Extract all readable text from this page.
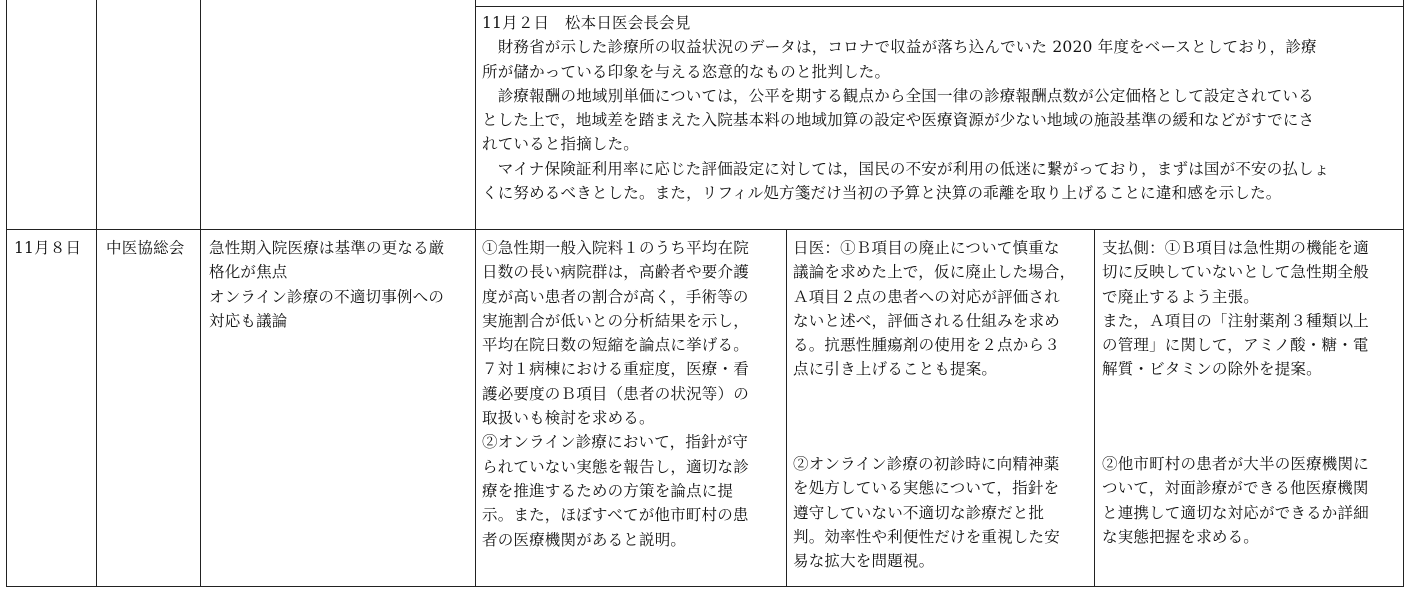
11月２日　松本日医会長会見
　財務省が示した診療所の収益状況のデータは，コロナで収益が落ち込んでいた 2020 年度をベースとしており，診療
所が儲かっている印象を与える恣意的なものと批判した。
　診療報酬の地域別単価については，公平を期する観点から全国一律の診療報酬点数が公定価格として設定されている
とした上で，地域差を踏まえた入院基本料の地域加算の設定や医療資源が少ない地域の施設基準の緩和などがすでにさ
れていると指摘した。
　マイナ保険証利用率に応じた評価設定に対しては，国民の不安が利用の低迷に繋がっており，まずは国が不安の払しょ
くに努めるべきとした。また，リフィル処方箋だけ当初の予算と決算の乖離を取り上げることに違和感を示した。
11月８日 中医協総会 急性期入院医療は基準の更なる厳
格化が焦点
オンライン診療の不適切事例への
対応も議論
①急性期一般入院料１のうち平均在院
日数の長い病院群は，高齢者や要介護
度が高い患者の割合が高く，手術等の
実施割合が低いとの分析結果を示し，
平均在院日数の短縮を論点に挙げる。
７対１病棟における重症度，医療・看
護必要度のＢ項目（患者の状況等）の
取扱いも検討を求める。
②オンライン診療において，指針が守
られていない実態を報告し，適切な診
療を推進するための方策を論点に提
示。また，ほぼすべてが他市町村の患
者の医療機関があると説明。
日医：①Ｂ項目の廃止について慎重な
議論を求めた上で，仮に廃止した場合，
Ａ項目２点の患者への対応が評価され
ないと述べ，評価される仕組みを求め
る。抗悪性腫瘍剤の使用を２点から３
点に引き上げることも提案。
②オンライン診療の初診時に向精神薬
を処方している実態について，指針を
遵守していない不適切な診療だと批
判。効率性や利便性だけを重視した安
易な拡大を問題視。
支払側：①Ｂ項目は急性期の機能を適
切に反映していないとして急性期全般
で廃止するよう主張。
また，Ａ項目の「注射薬剤３種類以上
の管理」に関して，アミノ酸・糖・電
解質・ビタミンの除外を提案。
②他市町村の患者が大半の医療機関に
ついて，対面診療ができる他医療機関
と連携して適切な対応ができるか詳細
な実態把握を求める。
